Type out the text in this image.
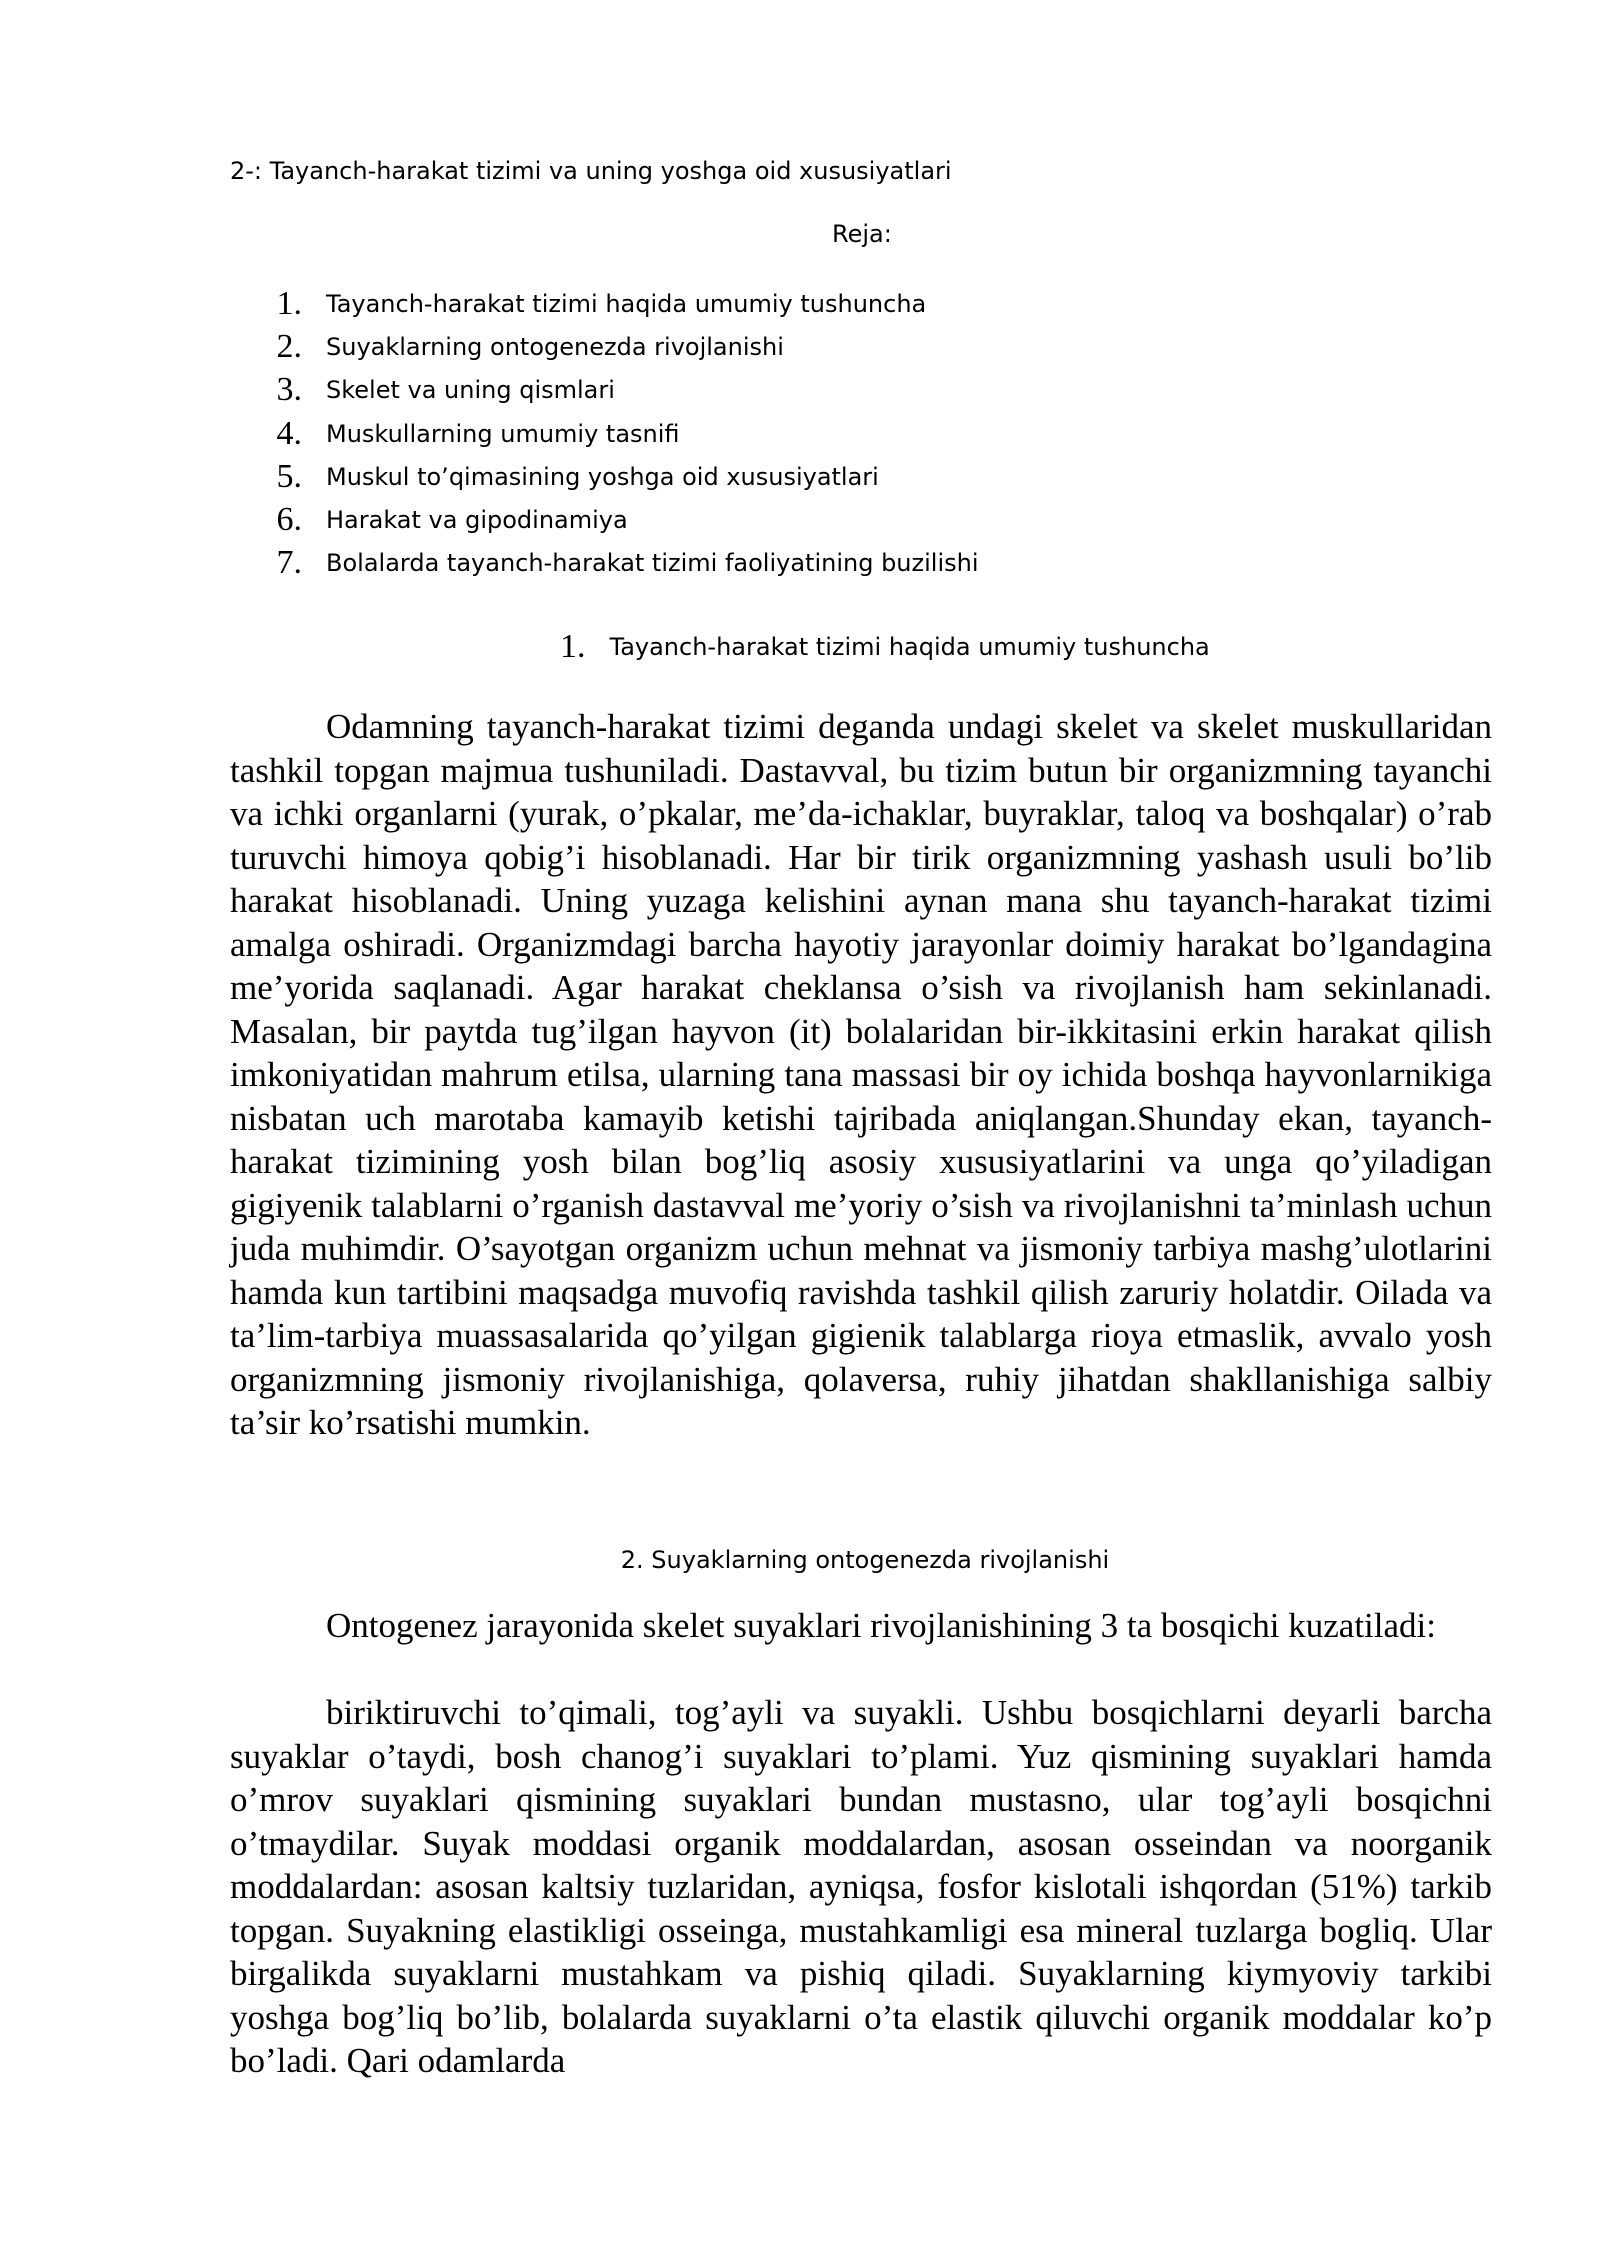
2-: Tayanch-harakat tizimi va uning yoshga oid xususiyatlari
Reja:
1.	Tayanch-harakat tizimi haqida umumiy tushuncha
2.	Suyaklarning ontogenezda rivojlanishi
3.	Skelet va uning qismlari
4.	Muskullarning umumiy tasnifi
5.	Muskul to’qimasining yoshga oid xususiyatlari
6.	Harakat va gipodinamiya
7.	Bolalarda tayanch-harakat tizimi faoliyatining buzilishi
1.	Tayanch-harakat tizimi haqida umumiy tushuncha

Odamning tayanch-harakat tizimi deganda undagi skelet va skelet muskullaridan tashkil topgan majmua tushuniladi. Dastavval, bu tizim butun bir organizmning tayanchi va ichki organlarni (yurak, o’pkalar, me’da-ichaklar, buyraklar, taloq va boshqalar) o’rab turuvchi himoya qobig’i hisoblanadi. Har bir tirik organizmning yashash usuli bo’lib harakat hisoblanadi. Uning yuzaga kelishini aynan mana shu tayanch-harakat tizimi amalga oshiradi. Organizmdagi barcha hayotiy jarayonlar doimiy harakat bo’lgandagina me’yorida saqlanadi. Agar harakat cheklansa o’sish va rivojlanish ham sekinlanadi. Masalan, bir paytda tug’ilgan hayvon (it) bolalaridan bir-ikkitasini erkin harakat qilish imkoniyatidan mahrum etilsa, ularning tana massasi bir oy ichida boshqa hayvonlarnikiga nisbatan uch marotaba kamayib ketishi tajribada aniqlangan.Shunday ekan, tayanch-harakat tizimining yosh bilan bog’liq asosiy xususiyatlarini va unga qo’yiladigan gigiyenik talablarni o’rganish dastavval me’yoriy o’sish va rivojlanishni ta’minlash uchun juda muhimdir. O’sayotgan organizm uchun mehnat va jismoniy tarbiya mashg’ulotlarini hamda kun tartibini maqsadga muvofiq ravishda tashkil qilish zaruriy holatdir. Oilada va ta’lim-tarbiya muassasalarida qo’yilgan gigienik talablarga rioya etmaslik, avvalo yosh organizmning jismoniy rivojlanishiga, qolaversa, ruhiy jihatdan shakllanishiga salbiy ta’sir ko’rsatishi mumkin.

2. Suyaklarning ontogenezda rivojlanishi

Ontogenez jarayonida skelet suyaklari rivojlanishining 3 ta bosqichi kuzatiladi:

biriktiruvchi to’qimali, tog’ayli va suyakli. Ushbu bosqichlarni deyarli barcha suyaklar o’taydi, bosh chanog’i suyaklari to’plami. Yuz qismining suyaklari hamda o’mrov suyaklari qismining suyaklari bundan mustasno, ular tog’ayli bosqichni o’tmaydilar. Suyak moddasi organik moddalardan, asosan osseindan va noorganik moddalardan: asosan kaltsiy tuzlaridan, ayniqsa, fosfor kislotali ishqordan (51%) tarkib topgan. Suyakning elastikligi osseinga, mustahkamligi esa mineral tuzlarga bogliq. Ular birgalikda suyaklarni mustahkam va pishiq qiladi. Suyaklarning kiymyoviy tarkibi yoshga bog’liq bo’lib, bolalarda suyaklarni o’ta elastik qiluvchi organik moddalar ko’p bo’ladi. Qari odamlarda
